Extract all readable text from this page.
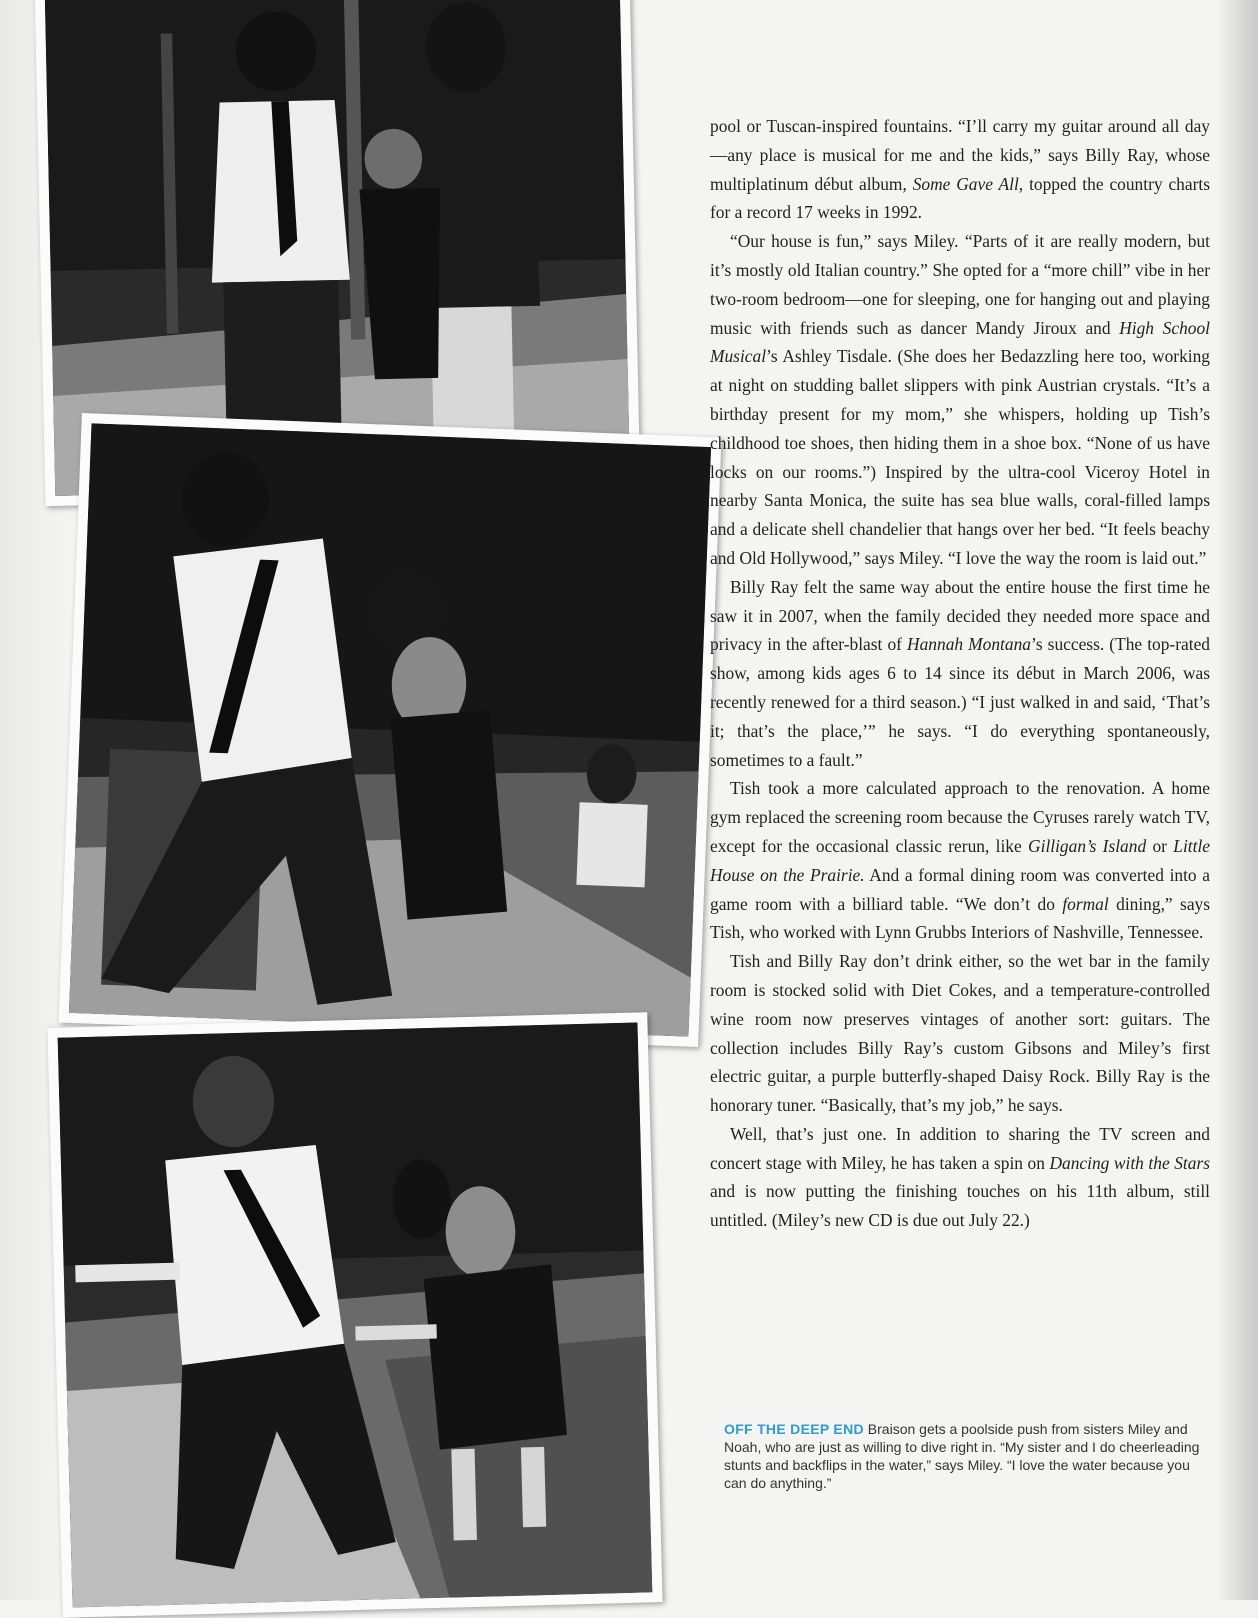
pool or Tuscan-inspired fountains. “I’ll carry my guitar around all day—any place is musical for me and the kids,” says Billy Ray, whose multiplatinum début album, Some Gave All, topped the country charts for a record 17 weeks in 1992.

“Our house is fun,” says Miley. “Parts of it are really modern, but it’s mostly old Italian country.” She opted for a “more chill” vibe in her two-room bedroom—one for sleeping, one for hanging out and playing music with friends such as dancer Mandy Jiroux and High School Musical’s Ashley Tisdale. (She does her Bedazzling here too, working at night on studding ballet slippers with pink Austrian crystals. “It’s a birthday present for my mom,” she whispers, holding up Tish’s childhood toe shoes, then hiding them in a shoe box. “None of us have locks on our rooms.”) Inspired by the ultra-cool Viceroy Hotel in nearby Santa Monica, the suite has sea blue walls, coral-filled lamps and a delicate shell chandelier that hangs over her bed. “It feels beachy and Old Hollywood,” says Miley. “I love the way the room is laid out.”

Billy Ray felt the same way about the entire house the first time he saw it in 2007, when the family decided they needed more space and privacy in the after-blast of Hannah Montana’s success. (The top-rated show, among kids ages 6 to 14 since its début in March 2006, was recently renewed for a third season.) “I just walked in and said, ‘That’s it; that’s the place,’” he says. “I do everything spontaneously, sometimes to a fault.”

Tish took a more calculated approach to the renovation. A home gym replaced the screening room because the Cyruses rarely watch TV, except for the occasional classic rerun, like Gilligan’s Island or Little House on the Prairie. And a formal dining room was converted into a game room with a billiard table. “We don’t do formal dining,” says Tish, who worked with Lynn Grubbs Interiors of Nashville, Tennessee.

Tish and Billy Ray don’t drink either, so the wet bar in the family room is stocked solid with Diet Cokes, and a temperature-controlled wine room now preserves vintages of another sort: guitars. The collection includes Billy Ray’s custom Gibsons and Miley’s first electric guitar, a purple butterfly-shaped Daisy Rock. Billy Ray is the honorary tuner. “Basically, that’s my job,” he says.

Well, that’s just one. In addition to sharing the TV screen and concert stage with Miley, he has taken a spin on Dancing with the Stars and is now putting the finishing touches on his 11th album, still untitled. (Miley’s new CD is due out July 22.)

OFF THE DEEP END Braison gets a poolside push from sisters Miley and Noah, who are just as willing to dive right in. “My sister and I do cheerleading stunts and backflips in the water,” says Miley. “I love the water because you can do anything.”
